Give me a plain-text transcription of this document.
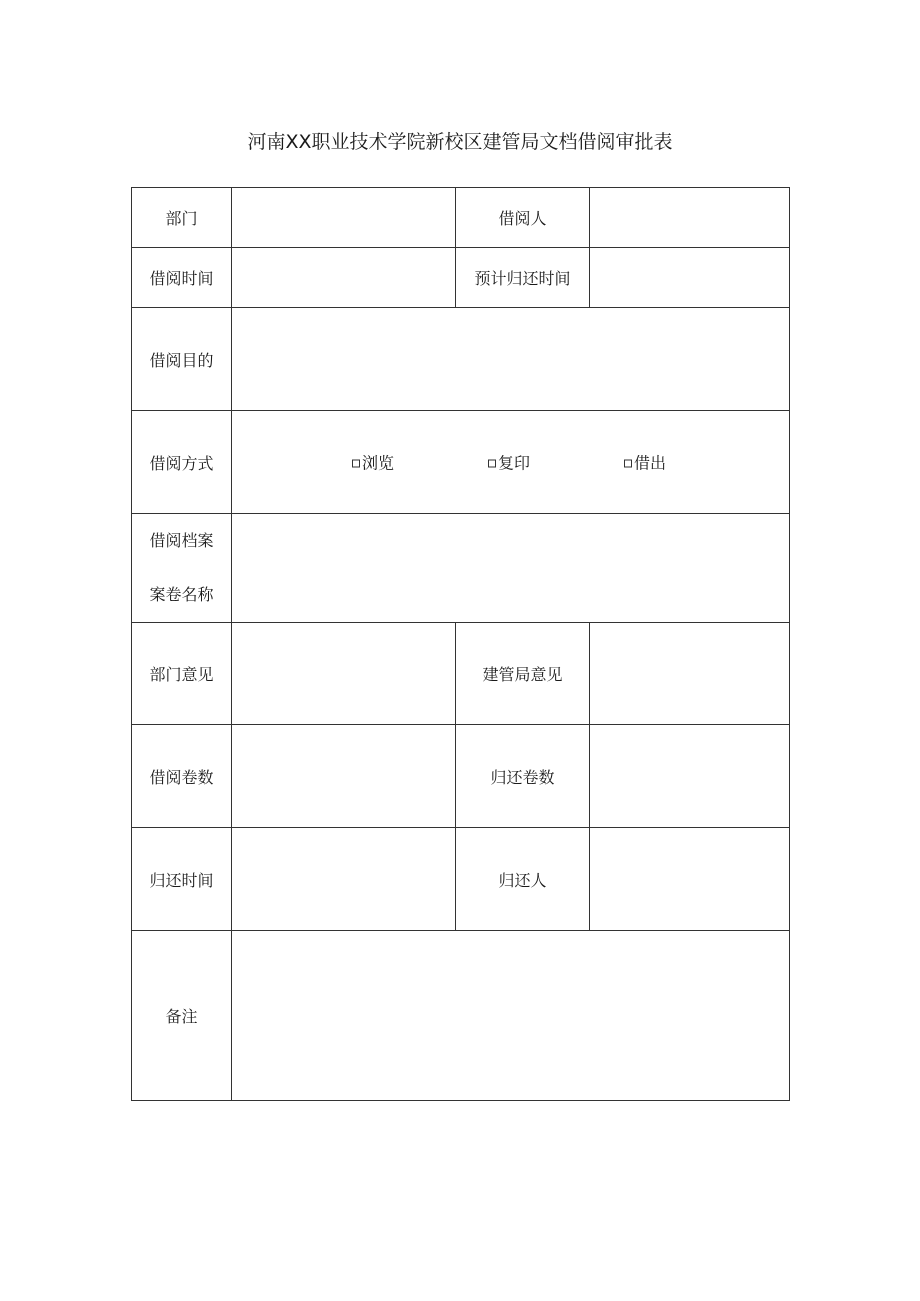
河南XX职业技术学院新校区建管局文档借阅审批表
部门		借阅人	
借阅时间		预计归还时间	
借阅目的			
借阅方式	浏览 复印 借出		

借阅档案
案卷名称			

部门意见		建管局意见	
借阅卷数		归还卷数	
归还时间		归还人	
备注			
